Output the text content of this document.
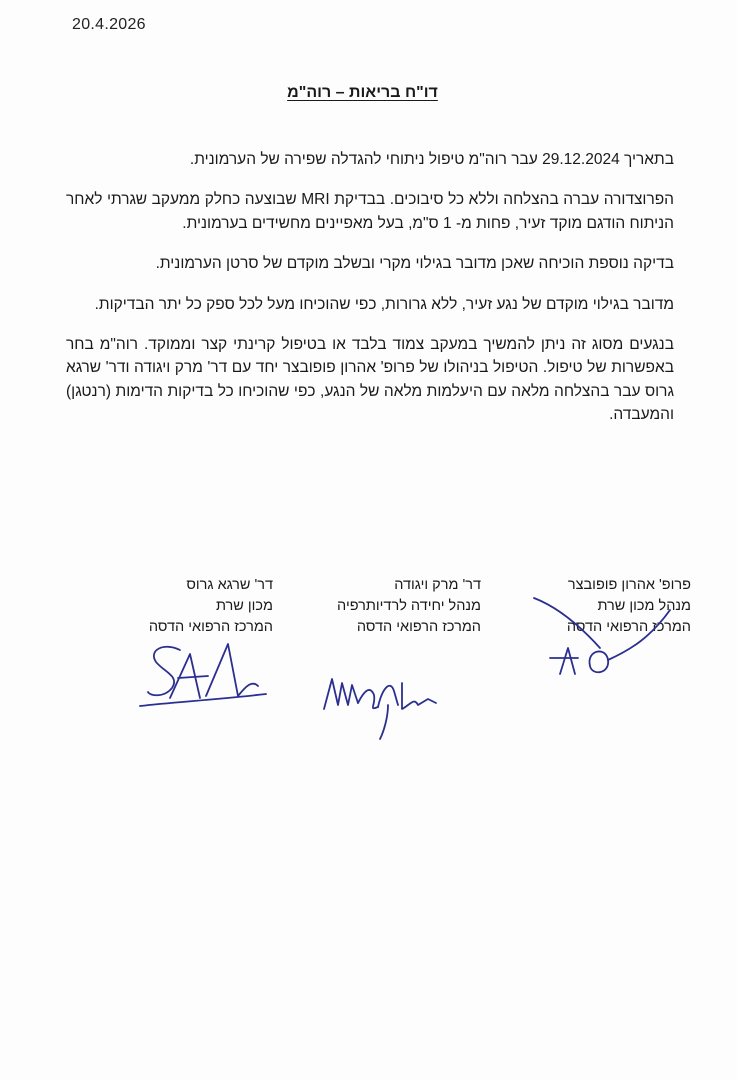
20.4.2026
דו"ח בריאות – רוה"מ

בתאריך 29.12.2024 עבר רוה"מ טיפול ניתוחי להגדלה שפירה של הערמונית.

הפרוצדורה עברה בהצלחה וללא כל סיבוכים. בבדיקת MRI שבוצעה כחלק ממעקב שגרתי לאחר הניתוח הודגם מוקד זעיר, פחות מ- 1 ס"מ, בעל מאפיינים מחשידים בערמונית.

בדיקה נוספת הוכיחה שאכן מדובר בגילוי מקרי ובשלב מוקדם של סרטן הערמונית.

מדובר בגילוי מוקדם של נגע זעיר, ללא גרורות, כפי שהוכיחו מעל לכל ספק כל יתר הבדיקות.

בנגעים מסוג זה ניתן להמשיך במעקב צמוד בלבד או בטיפול קרינתי קצר וממוקד. רוה"מ בחר באפשרות של טיפול. הטיפול בניהולו של פרופ' אהרון פופובצר יחד עם דר' מרק ויגודה ודר' שרגא גרוס עבר בהצלחה מלאה עם היעלמות מלאה של הנגע, כפי שהוכיחו כל בדיקות הדימות (רנטגן) והמעבדה.

פרופ' אהרון פופובצר
מנהל מכון שרת
המרכז הרפואי הדסה
דר' מרק ויגודה
מנהל יחידה לרדיותרפיה
המרכז הרפואי הדסה
דר' שרגא גרוס
מכון שרת
המרכז הרפואי הדסה
